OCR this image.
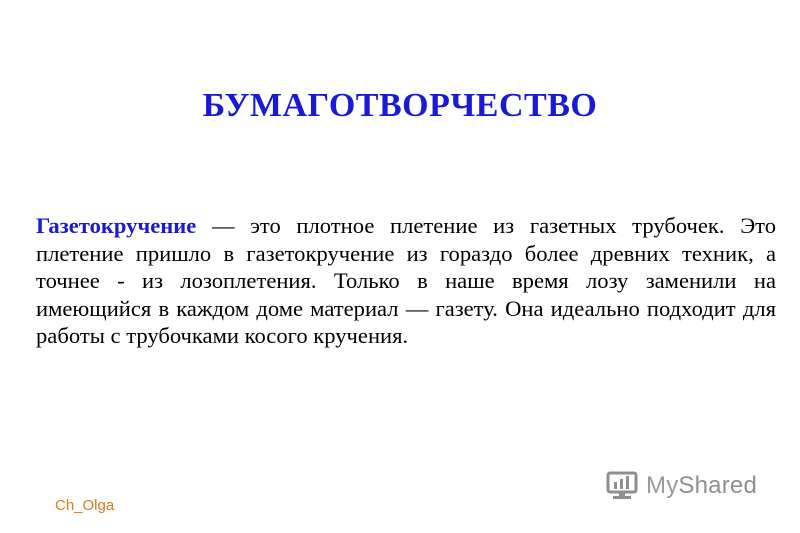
БУМАГОТВОРЧЕСТВО

Газетокручение — это плотное плетение из газетных трубочек. Это плетение пришло в газетокручение из гораздо более древних техник, а точнее - из лозоплетения. Только в наше время лозу заменили на имеющийся в каждом доме материал — газету. Она идеально подходит для работы с трубочками косого кручения.

Ch_Olga
MyShared
